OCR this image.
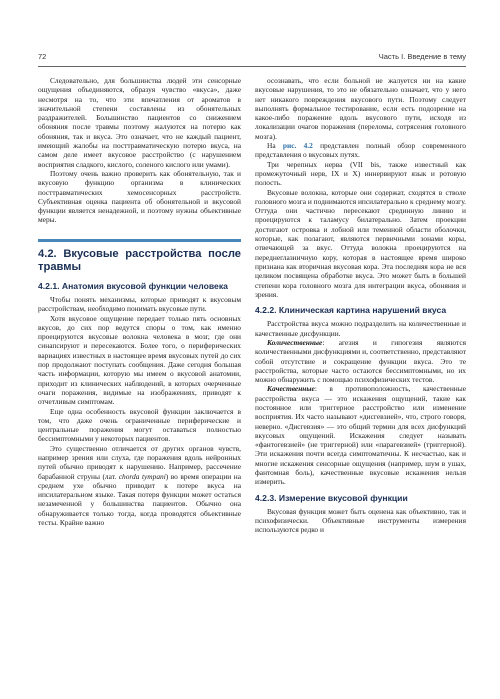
72	Часть I. Введение в тему

Следовательно, для большинства людей эти сенсорные ощущения объединяются, образуя чувство «вкуса», даже несмотря на то, что эти впечатления от ароматов в значительной степени составлены из обонятельных раздражителей. Большинство пациентов со снижением обоняния после травмы поэтому жалуются на потерю как обоняния, так и вкуса. Это означает, что не каждый пациент, имеющий жалобы на посттравматическую потерю вкуса, на самом деле имеет вкусовое расстройство (с нарушением восприятия сладкого, кислого, соленого кислого или умами).

Поэтому очень важно проверить как обонятельную, так и вкусовую функцию организма в клинических посттравматических хемосенсорных расстройств. Субъективная оценка пациента об обонятельной и вкусовой функции является ненадежной, и поэтому нужны объективные меры.

4.2. Вкусовые расстройства после травмы
4.2.1. Анатомия вкусовой функции человека

Чтобы понять механизмы, которые приводят к вкусовым расстройствам, необходимо понимать вкусовые пути.

Хотя вкусовое ощущение передает только пять основных вкусов, до сих пор ведутся споры о том, как именно проецируются вкусовые волокна человека в мозг, где они синапсируют и пересекаются. Более того, о периферических вариациях известных в настоящее время вкусовых путей до сих пор продолжают поступать сообщения. Даже сегодня большая часть информации, которую мы имеем о вкусовой анатомии, приходит из клинических наблюдений, в которых очерченные очаги поражения, видимые на изображениях, приводят к отчетливым симптомам.

Еще одна особенность вкусовой функции заключается в том, что даже очень ограниченные периферические и центральные поражения могут оставаться полностью бессимптомными у некоторых пациентов.

Это существенно отличается от других органов чувств, например зрения или слуха, где поражения вдоль нейронных путей обычно приводят к нарушению. Например, рассечение барабанной струны (лат. chorda tympani) во время операции на среднем ухе обычно приводит к потере вкуса на ипсилатеральном языке. Такая потеря функции может остаться незамеченной у большинства пациентов. Обычно она обнаруживается только тогда, когда проводятся объективные тесты. Крайне важно

осознавать, что если больной не жалуется ни на какие вкусовые нарушения, то это не обязательно означает, что у него нет никакого повреждения вкусового пути. Поэтому следует выполнять формальное тестирование, если есть подозрение на какое-либо поражение вдоль вкусового пути, исходя из локализации очагов поражения (переломы, сотрясения головного мозга).

На рис. 4.2 представлен полный обзор современного представления о вкусовых путях.

Три черепных нерва (VII bis, также известный как промежуточный нерв, IX и X) иннервируют язык и ротовую полость.

Вкусовые волокна, которые они содержат, сходятся в стволе головного мозга и поднимаются ипсилатерально к среднему мозгу. Оттуда они частично пересекают срединную линию и проецируются к таламусу билатерально. Затем проекции достигают островка и лобной или теменной области оболочки, которые, как полагают, являются первичными зонами коры, отвечающей за вкус. Оттуда волокна проецируются на переднеглазничную кору, которая в настоящее время широко признана как вторичная вкусовая кора. Эта последняя кора не вся целиком посвящена обработке вкуса. Это может быть в большей степени кора головного мозга для интеграции вкуса, обоняния и зрения.

4.2.2. Клиническая картина нарушений вкуса

Расстройства вкуса можно подразделить на количественные и качественные дисфункции.

Количественные: агезия и гипогезия являются количественными дисфункциями и, соответственно, представляют собой отсутствие и сокращение функции вкуса. Это те расстройства, которые часто остаются бессимптомными, но их можно обнаружить с помощью психофизических тестов.

Качественные: в противоположность, качественные расстройства вкуса — это искажения ощущений, такие как постоянное или триггерное расстройство или изменение восприятия. Их часто называют «дисгевзией», что, строго говоря, неверно. «Дисгевзия» — это общий термин для всех дисфункций вкусовых ощущений. Искажения следует называть «фантогевзией» (не триггерной) или «парагевзией» (триггерной). Эти искажения почти всегда симптоматичны. К несчастью, как и многие искажения сенсорные ощущения (например, шум в ушах, фантомная боль), качественные вкусовые искажения нельзя измерить.

4.2.3. Измерение вкусовой функции

Вкусовая функция может быть оценена как объективно, так и психофизически. Объективные инструменты измерения используются редко и
